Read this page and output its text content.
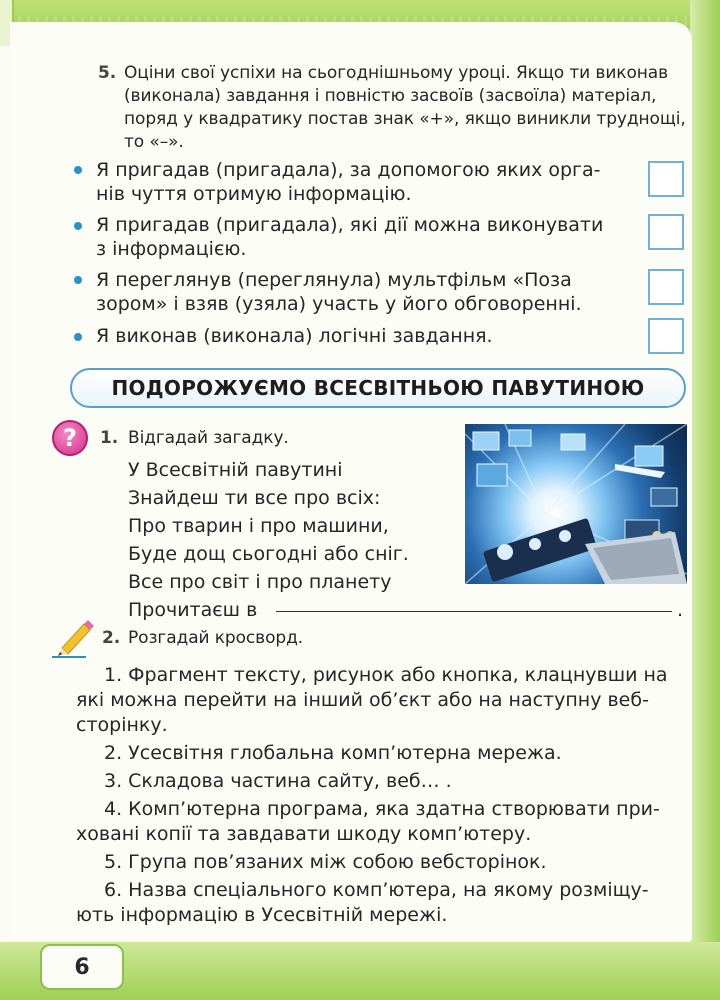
5. Оціни свої успіхи на сьогоднішньому уроці. Якщо ти виконав
(виконала) завдання і повністю засвоїв (засвоїла) матеріал,
поряд у квадратику постав знак «+», якщо виникли труднощі,
то «–».
Я пригадав (пригадала), за допомогою яких орга-
нів чуття отримую інформацію.
Я пригадав (пригадала), які дії можна виконувати
з інформацією.
Я переглянув (переглянула) мультфільм «Поза
зором» і взяв (узяла) участь у його обговоренні.
Я виконав (виконала) логічні завдання.
ПОДОРОЖУЄМО ВСЕСВІТНЬОЮ ПАВУТИНОЮ
? 1. Відгадай загадку.
У Всесвітній павутині
Знайдеш ти все про всіх:
Про тварин і про машини,
Буде дощ сьогодні або сніг.
Все про світ і про планету
Прочитаєш в	.
2. Розгадай кросворд.
1. Фрагмент тексту, рисунок або кнопка, клацнувши на
які можна перейти на інший об’єкт або на наступну веб-
сторінку.
2. Усесвітня глобальна комп’ютерна мережа.
3. Складова частина сайту, веб… .
4. Комп’ютерна програма, яка здатна створювати при-
ховані копії та завдавати шкоду комп’ютеру.
5. Група пов’язаних між собою вебсторінок.
6. Назва спеціального комп’ютера, на якому розміщу-
ють інформацію в Усесвітній мережі.
6
